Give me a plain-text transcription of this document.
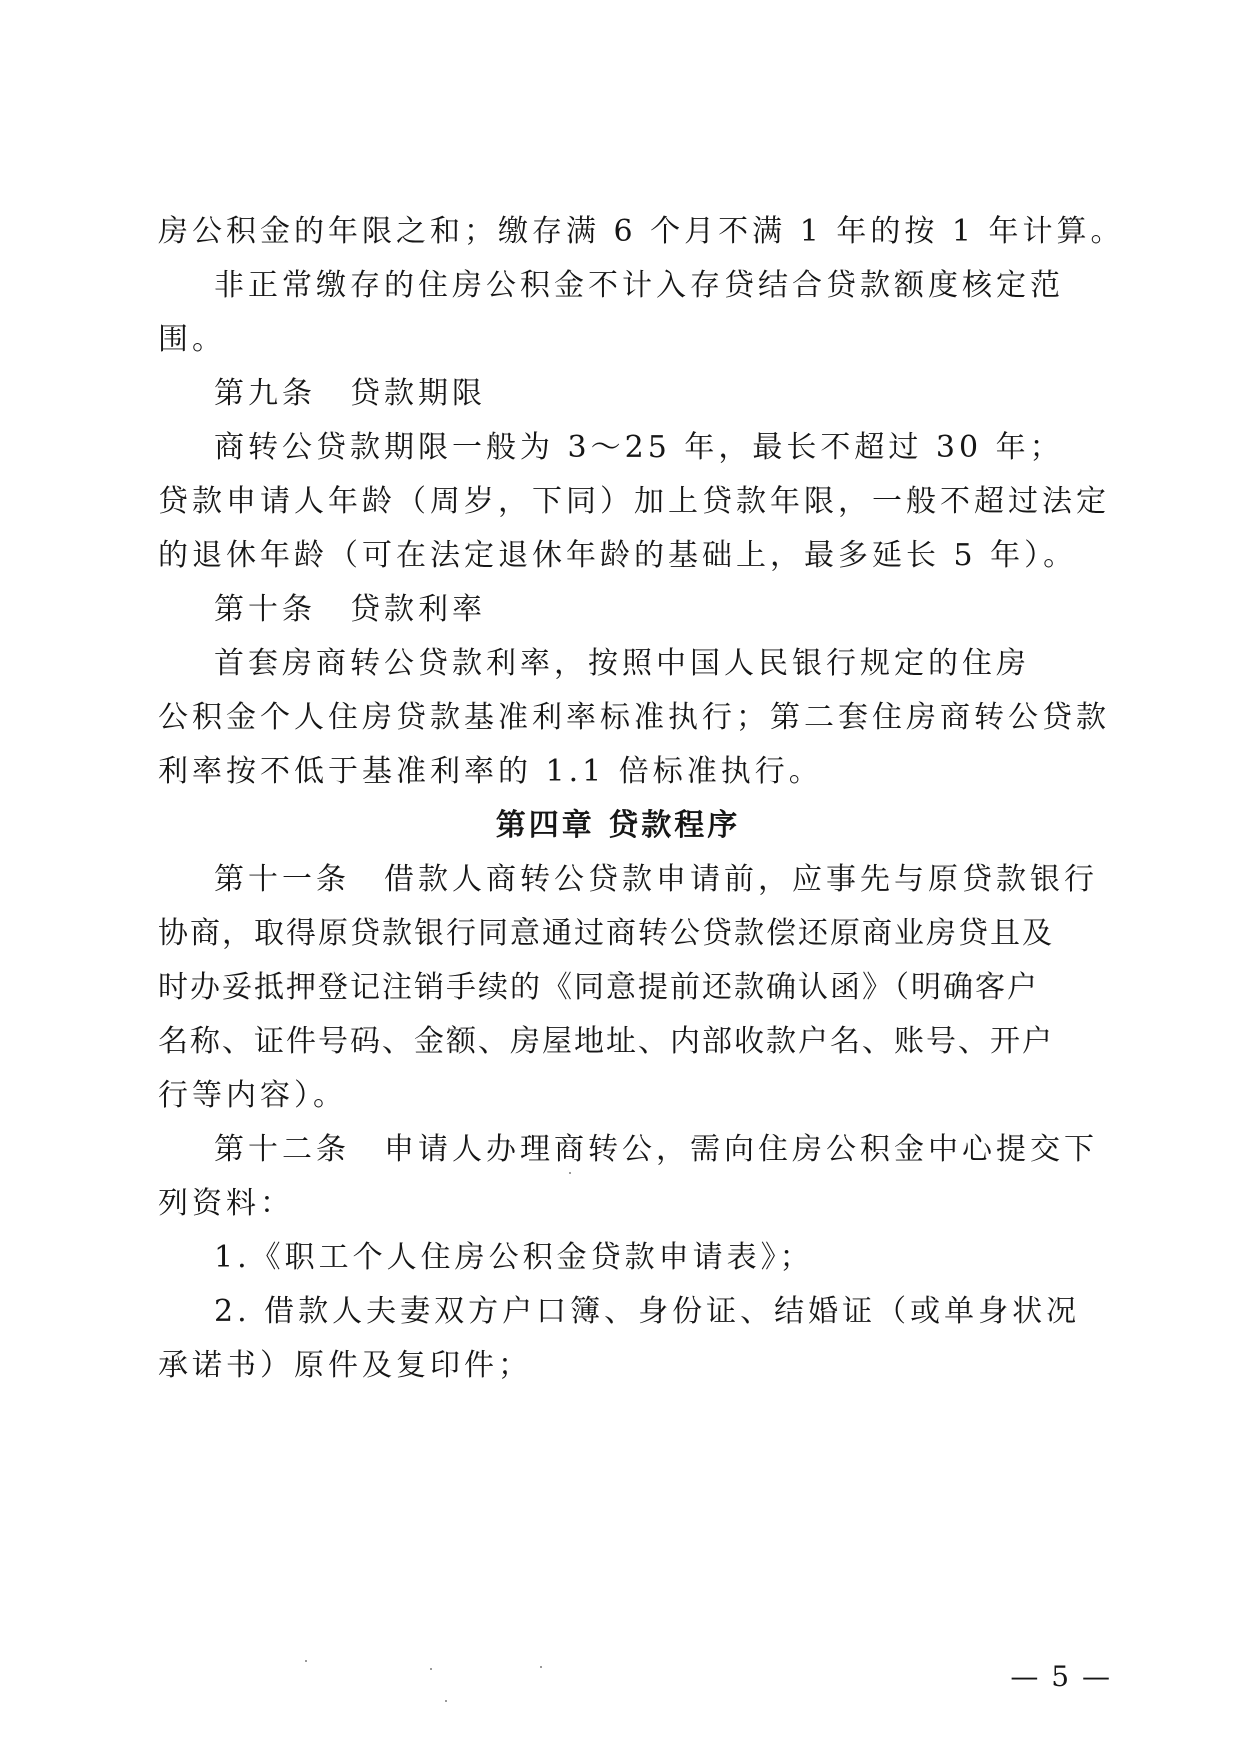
房公积金的年限之和；缴存满 6 个月不满 1 年的按 1 年计算。
非正常缴存的住房公积金不计入存贷结合贷款额度核定范
围。
第九条　贷款期限
商转公贷款期限一般为 3～25 年，最长不超过 30 年；
贷款申请人年龄（周岁，下同）加上贷款年限，一般不超过法定
的退休年龄（可在法定退休年龄的基础上，最多延长 5 年）。
第十条　贷款利率
首套房商转公贷款利率，按照中国人民银行规定的住房
公积金个人住房贷款基准利率标准执行；第二套住房商转公贷款
利率按不低于基准利率的 1.1 倍标准执行。
第四章 贷款程序
第十一条　借款人商转公贷款申请前，应事先与原贷款银行
协商，取得原贷款银行同意通过商转公贷款偿还原商业房贷且及
时办妥抵押登记注销手续的《同意提前还款确认函》（明确客户
名称、证件号码、金额、房屋地址、内部收款户名、账号、开户
行等内容）。
第十二条　申请人办理商转公，需向住房公积金中心提交下
列资料：
1.《职工个人住房公积金贷款申请表》；
2. 借款人夫妻双方户口簿、身份证、结婚证（或单身状况
承诺书）原件及复印件；
— 5 —
